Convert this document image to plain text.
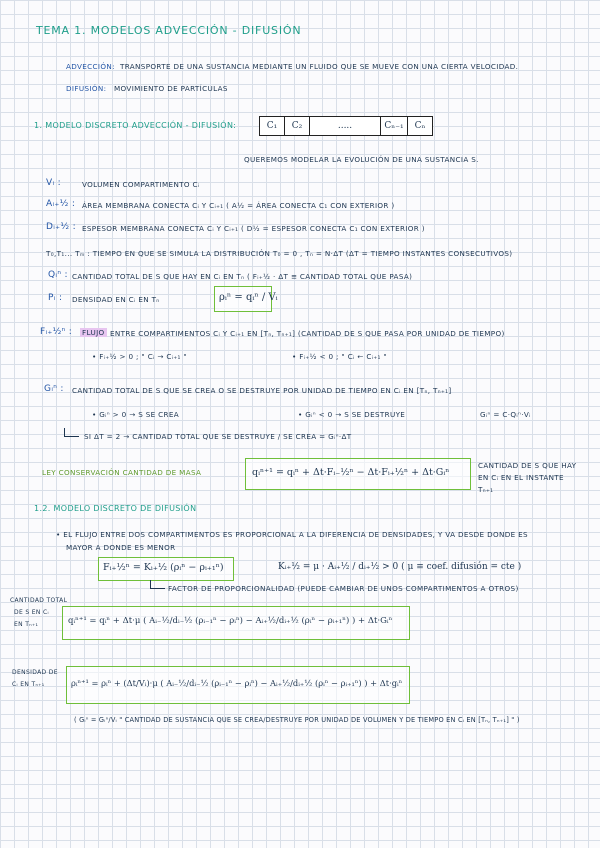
TEMA 1. MODELOS ADVECCIÓN - DIFUSIÓN
ADVECCIÓN: TRANSPORTE DE UNA SUSTANCIA MEDIANTE UN FLUIDO QUE SE MUEVE CON UNA CIERTA VELOCIDAD.
DIFUSIÓN: MOVIMIENTO DE PARTÍCULAS
1. MODELO DISCRETO ADVECCIÓN - DIFUSIÓN:	C₁	C₂	.....	Cₙ₋₁	Cₙ
QUEREMOS MODELAR LA EVOLUCIÓN DE UNA SUSTANCIA S.
Vᵢ :	VOLUMEN COMPARTIMENTO Cᵢ
Aᵢ₊½ : ÁREA MEMBRANA CONECTA Cᵢ Y Cᵢ₊₁ ( A½ = ÁREA CONECTA C₁ CON EXTERIOR )
Dᵢ₊½ : ESPESOR MEMBRANA CONECTA Cᵢ Y Cᵢ₊₁ ( D½ = ESPESOR CONECTA C₁ CON EXTERIOR )
T₀,T₁... Tₘ : TIEMPO EN QUE SE SIMULA LA DISTRIBUCIÓN T₀ = 0 , Tₙ = N·ΔT (ΔT = TIEMPO INSTANTES CONSECUTIVOS)
Qᵢⁿ : CANTIDAD TOTAL DE S QUE HAY EN Cᵢ EN Tₙ ( Fᵢ₊½ · ΔT ≡ CANTIDAD TOTAL QUE PASA)
Ρᵢ : DENSIDAD EN Cᵢ EN Tₙ	ρᵢⁿ = qᵢⁿ / Vᵢ
Fᵢ₊½ⁿ : FLUJO ENTRE COMPARTIMENTOS Cᵢ Y Cᵢ₊₁ EN [Tₙ, Tₙ₊₁] (CANTIDAD DE S QUE PASA POR UNIDAD DE TIEMPO)
• Fᵢ₊½ > 0 ; " Cᵢ → Cᵢ₊₁ "	• Fᵢ₊½ < 0 ; " Cᵢ ← Cᵢ₊₁ "
Gᵢⁿ : CANTIDAD TOTAL DE S QUE SE CREA O SE DESTRUYE POR UNIDAD DE TIEMPO EN Cᵢ EN [Tₙ, Tₙ₊₁]
• Gᵢⁿ > 0 → S SE CREA	• Gᵢⁿ < 0 → S SE DESTRUYE	Gᵢⁿ = C·Qᵢⁿ·Vᵢ
SI ΔT = 2 → CANTIDAD TOTAL QUE SE DESTRUYE / SE CREA = Gᵢⁿ·ΔT
LEY CONSERVACIÓN CANTIDAD DE MASA	qᵢⁿ⁺¹ = qᵢⁿ + Δt·Fᵢ₋½ⁿ − Δt·Fᵢ₊½ⁿ + Δt·Gᵢⁿ
CANTIDAD DE S QUE HAY EN Cᵢ EN EL INSTANTE Tₙ₊₁
1.2. MODELO DISCRETO DE DIFUSIÓN
• EL FLUJO ENTRE DOS COMPARTIMENTOS ES PROPORCIONAL A LA DIFERENCIA DE DENSIDADES, Y VA DESDE DONDE ES
MAYOR A DONDE ES MENOR
Fᵢ₊½ⁿ = Kᵢ₊½ (ρᵢⁿ − ρᵢ₊₁ⁿ)	Kᵢ₊½ = μ · Aᵢ₊½ / dᵢ₊½ > 0 ( μ ≡ coef. difusión = cte )
FACTOR DE PROPORCIONALIDAD (PUEDE CAMBIAR DE UNOS COMPARTIMENTOS A OTROS)
CANTIDAD TOTAL
DE S EN Cᵢ
EN Tₙ₊₁	qᵢⁿ⁺¹ = qᵢⁿ + Δt·μ ( Aᵢ₋½/dᵢ₋½ (ρᵢ₋₁ⁿ − ρᵢⁿ) − Aᵢ₊½/dᵢ₊½ (ρᵢⁿ − ρᵢ₊₁ⁿ) ) + Δt·Gᵢⁿ
DENSIDAD DE
Cᵢ EN Tₙ₊₁	ρᵢⁿ⁺¹ = ρᵢⁿ + (Δt/Vᵢ)·μ ( Aᵢ₋½/dᵢ₋½ (ρᵢ₋₁ⁿ − ρᵢⁿ) − Aᵢ₊½/dᵢ₊½ (ρᵢⁿ − ρᵢ₊₁ⁿ) ) + Δt·gᵢⁿ
( Gᵢⁿ = Gᵢⁿ/Vᵢ " CANTIDAD DE SUSTANCIA QUE SE CREA/DESTRUYE POR UNIDAD DE VOLUMEN Y DE TIEMPO EN Cᵢ EN [Tₙ, Tₙ₊₁] " )
